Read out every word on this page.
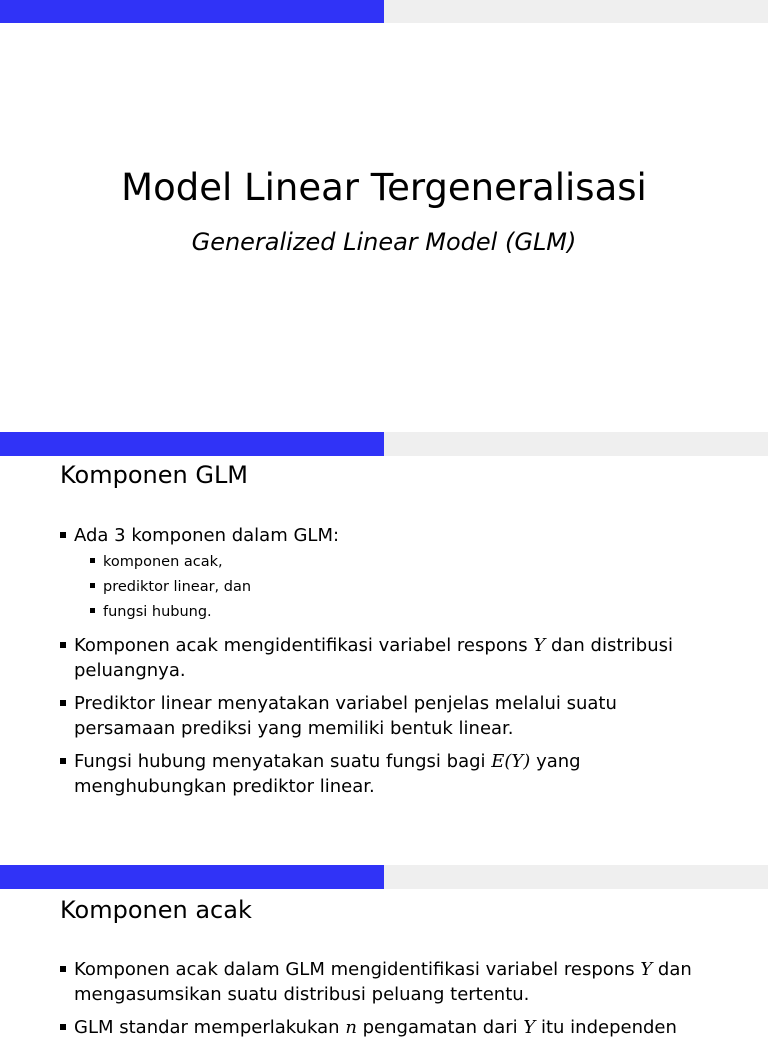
Model Linear Tergeneralisasi
Generalized Linear Model (GLM)
Komponen GLM
Ada 3 komponen dalam GLM:
komponen acak,
prediktor linear, dan
fungsi hubung.
Komponen acak mengidentifikasi variabel respons Y dan distribusi peluangnya.
Prediktor linear menyatakan variabel penjelas melalui suatu persamaan prediksi yang memiliki bentuk linear.
Fungsi hubung menyatakan suatu fungsi bagi E(Y) yang menghubungkan prediktor linear.
Komponen acak
Komponen acak dalam GLM mengidentifikasi variabel respons Y dan mengasumsikan suatu distribusi peluang tertentu.
GLM standar memperlakukan n pengamatan dari Y itu independen
